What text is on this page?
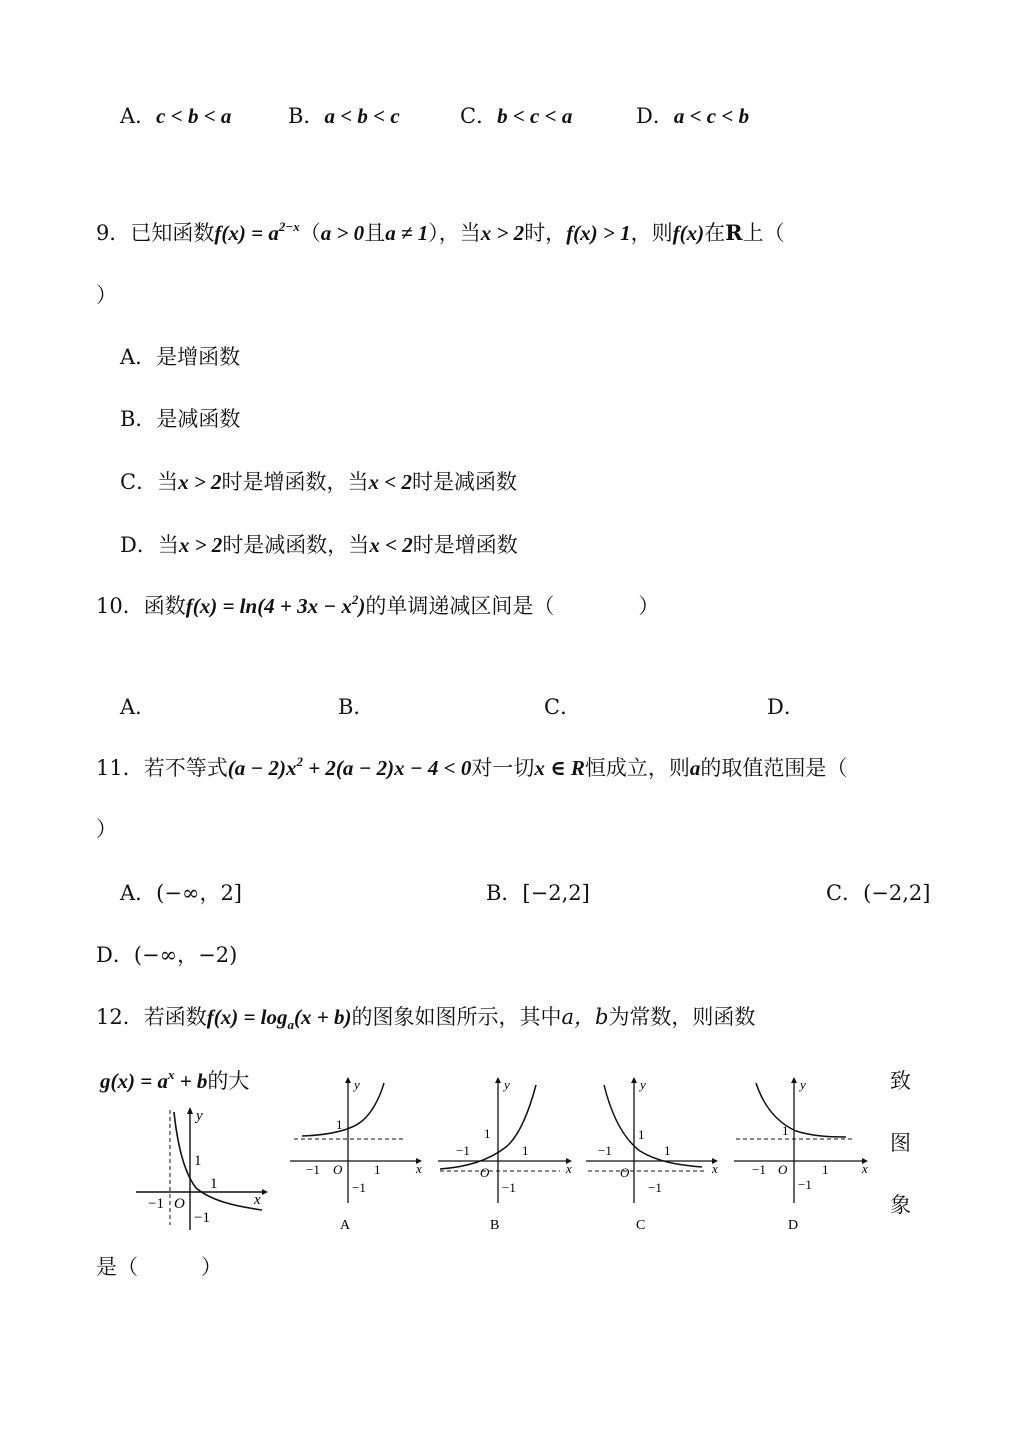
A．c < b < a	B．a < b < c	C．b < c < a	D．a < c < b
9．已知函数$f(x) = a^{2-x}(a > 0$且a ≠ 1），当x > 2时，f(x) > 1，则f(x)在R上（
）
A．是增函数
B．是减函数
C．当x > 2时是增函数，当x < 2时是减函数
D．当x > 2时是减函数，当x < 2时是增函数
10．函数$f(x) = \ln(4 + 3x - x^2)$的单调递减区间是（　　　　	）
A．	B．	C．	D．
11．若不等式$(a - 2)x^2 + 2(a - 2)x - 4 < 0$对一切x ∈ R恒成立，则a的取值范围是（
）
A．(−∞，2]	B．[−2,2]	C．(−2,2]
D．(−∞，−2)
12．若函数$f(x) = \log_a(x + b)$的图象如图所示，其中a，b为常数，则函数
$g(x) = a^x + b$的大	致
图
象
是（　　　	）
y
x
O
1
1
−1
−1
y
x
O
1
1
−1
−1
A
y
x
O
1
1
−1
−1
B
y
x
O
1
1
−1
−1
C
y
x
O
1
1
−1
−1
D
